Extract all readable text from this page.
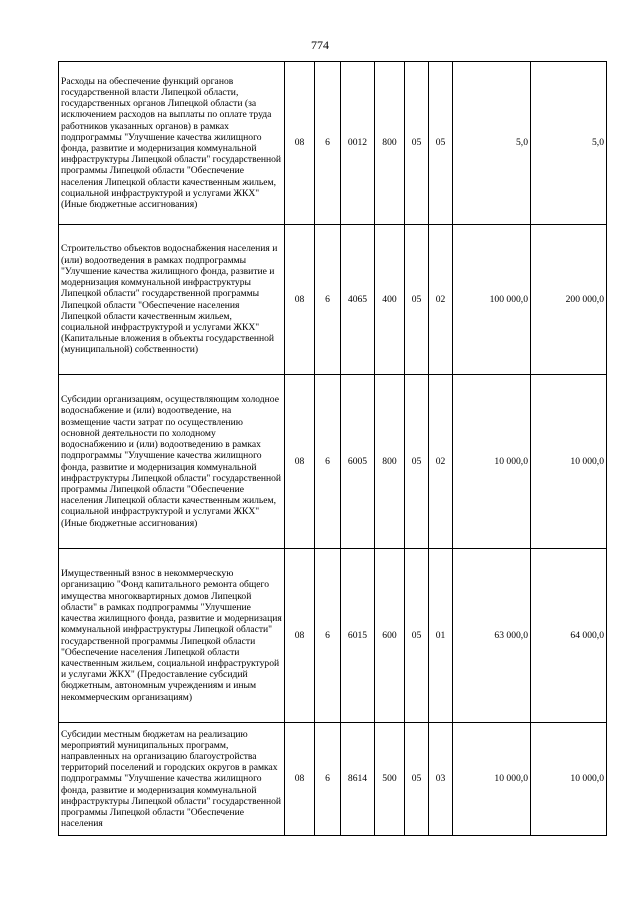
774
Расходы на обеспечение функций органов государственной власти Липецкой области, государственных органов Липецкой области (за исключением расходов на выплаты по оплате труда работников указанных органов) в рамках подпрограммы "Улучшение качества жилищного фонда, развитие и модернизация коммунальной инфраструктуры Липецкой области" государственной программы Липецкой области "Обеспечение населения Липецкой области качественным жильем, социальной инфраструктурой и услугами ЖКХ" (Иные бюджетные ассигнования)	08	6	0012	800	05	05	5,0	5,0
Строительство объектов водоснабжения населения и (или) водоотведения в рамках подпрограммы "Улучшение качества жилищного фонда, развитие и модернизация коммунальной инфраструктуры Липецкой области" государственной программы Липецкой области "Обеспечение населения Липецкой области качественным жильем, социальной инфраструктурой и услугами ЖКХ" (Капитальные вложения в объекты государственной (муниципальной) собственности)	08	6	4065	400	05	02	100 000,0	200 000,0
Субсидии организациям, осуществляющим холодное водоснабжение и (или) водоотведение, на возмещение части затрат по осуществлению основной деятельности по холодному водоснабжению и (или) водоотведению в рамках подпрограммы "Улучшение качества жилищного фонда, развитие и модернизация коммунальной инфраструктуры Липецкой области" государственной программы Липецкой области "Обеспечение населения Липецкой области качественным жильем, социальной инфраструктурой и услугами ЖКХ" (Иные бюджетные ассигнования)	08	6	6005	800	05	02	10 000,0	10 000,0
Имущественный взнос в некоммерческую организацию "Фонд капитального ремонта общего имущества многоквартирных домов Липецкой области" в рамках подпрограммы "Улучшение качества жилищного фонда, развитие и модернизация коммунальной инфраструктуры Липецкой области" государственной программы Липецкой области "Обеспечение населения Липецкой области качественным жильем, социальной инфраструктурой и услугами ЖКХ" (Предоставление субсидий бюджетным, автономным учреждениям и иным некоммерческим организациям)	08	6	6015	600	05	01	63 000,0	64 000,0
Субсидии местным бюджетам на реализацию мероприятий муниципальных программ, направленных на организацию благоустройства территорий поселений и городских округов в рамках подпрограммы "Улучшение качества жилищного фонда, развитие и модернизация коммунальной инфраструктуры Липецкой области" государственной программы Липецкой области "Обеспечение населения	08	6	8614	500	05	03	10 000,0	10 000,0
